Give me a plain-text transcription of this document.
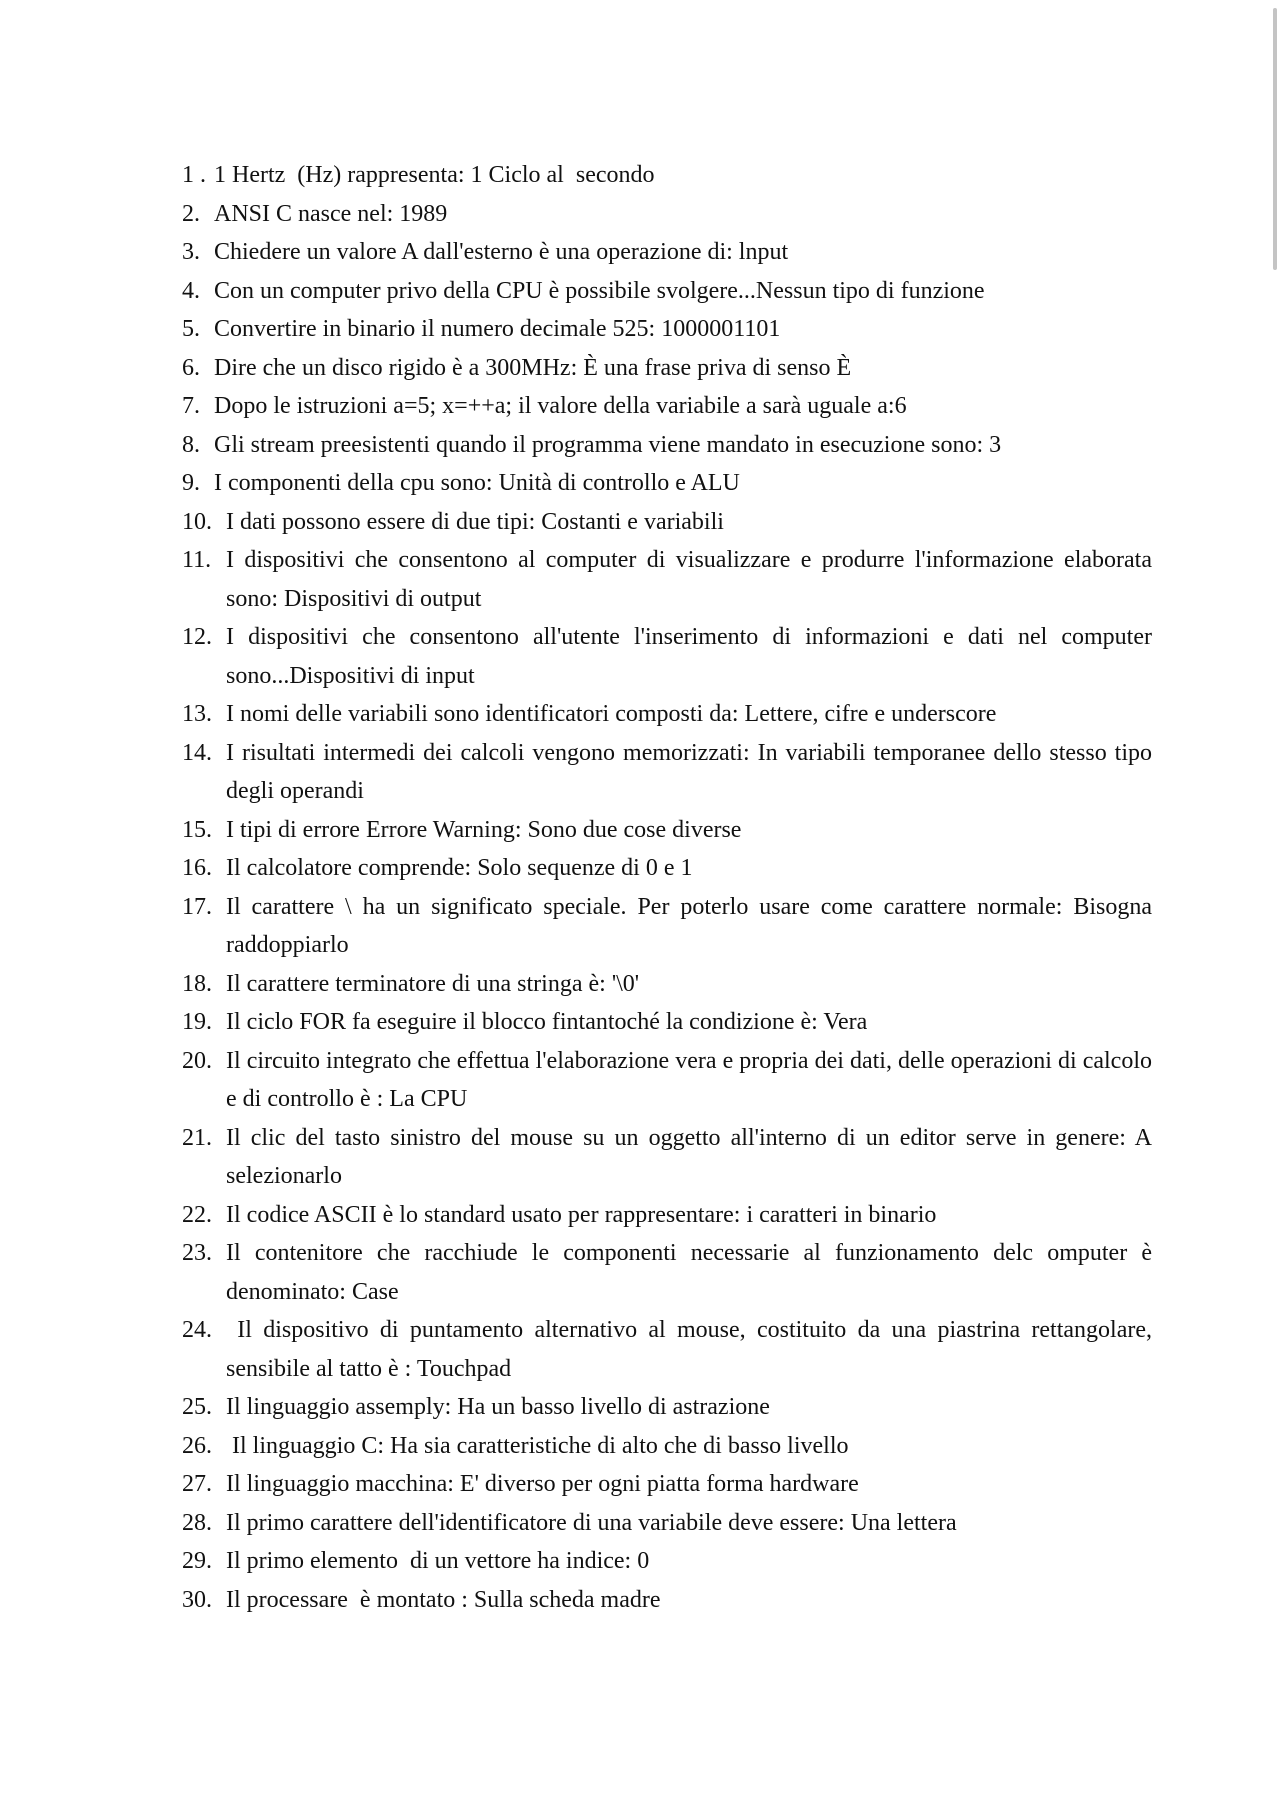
1 . 1 Hertz  (Hz) rappresenta: 1 Ciclo al  secondo
2. ANSI C nasce nel: 1989
3. Chiedere un valore A dall'esterno è una operazione di: lnput
4. Con un computer privo della CPU è possibile svolgere...Nessun tipo di funzione
5. Convertire in binario il numero decimale 525: 1000001101
6. Dire che un disco rigido è a 300MHz: È una frase priva di senso È
7. Dopo le istruzioni a=5; x=++a; il valore della variabile a sarà uguale a:6
8. Gli stream preesistenti quando il programma viene mandato in esecuzione sono: 3
9. I componenti della cpu sono: Unità di controllo e ALU
10. I dati possono essere di due tipi: Costanti e variabili
11. I dispositivi che consentono al computer di visualizzare e produrre l'informazione elaborata sono: Dispositivi di output
12. I dispositivi che consentono all'utente l'inserimento di informazioni e dati nel computer sono...Dispositivi di input
13. I nomi delle variabili sono identificatori composti da: Lettere, cifre e underscore
14. I risultati intermedi dei calcoli vengono memorizzati: In variabili temporanee dello stesso tipo degli operandi
15. I tipi di errore Errore Warning: Sono due cose diverse
16. Il calcolatore comprende: Solo sequenze di 0 e 1
17. Il carattere \ ha un significato speciale. Per poterlo usare come carattere normale: Bisogna raddoppiarlo
18. Il carattere terminatore di una stringa è: '\0'
19. Il ciclo FOR fa eseguire il blocco fintantoché la condizione è: Vera
20. Il circuito integrato che effettua l'elaborazione vera e propria dei dati, delle operazioni di calcolo e di controllo è : La CPU
21. Il clic del tasto sinistro del mouse su un oggetto all'interno di un editor serve in genere: A selezionarlo
22. Il codice ASCII è lo standard usato per rappresentare: i caratteri in binario
23. Il contenitore che racchiude le componenti necessarie al funzionamento delc omputer è denominato: Case
24. Il dispositivo di puntamento alternativo al mouse, costituito da una piastrina rettangolare, sensibile al tatto è : Touchpad
25. Il linguaggio assemply: Ha un basso livello di astrazione
26. Il linguaggio C: Ha sia caratteristiche di alto che di basso livello
27. Il linguaggio macchina: E' diverso per ogni piatta forma hardware
28. Il primo carattere dell'identificatore di una variabile deve essere: Una lettera
29. Il primo elemento  di un vettore ha indice: 0
30. Il processare  è montato : Sulla scheda madre
